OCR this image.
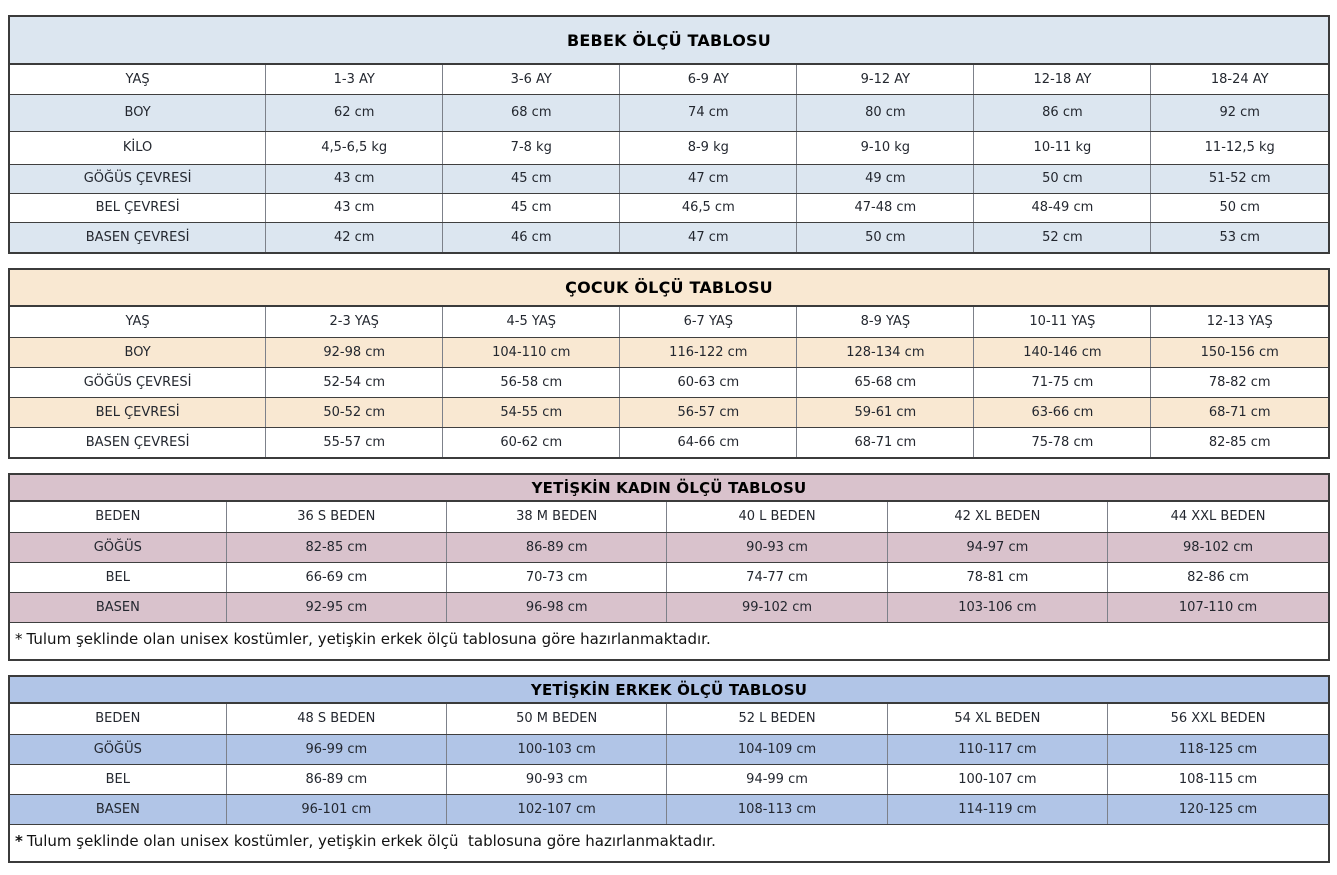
BEBEK ÖLÇÜ TABLOSU
YAŞ	1-3 AY	3-6 AY	6-9 AY	9-12 AY	12-18 AY	18-24 AY
BOY	62 cm	68 cm	74 cm	80 cm	86 cm	92 cm
KİLO	4,5-6,5 kg	7-8 kg	8-9 kg	9-10 kg	10-11 kg	11-12,5 kg
GÖĞÜS ÇEVRESİ	43 cm	45 cm	47 cm	49 cm	50 cm	51-52 cm
BEL ÇEVRESİ	43 cm	45 cm	46,5 cm	47-48 cm	48-49 cm	50 cm
BASEN ÇEVRESİ	42 cm	46 cm	47 cm	50 cm	52 cm	53 cm
ÇOCUK ÖLÇÜ TABLOSU
YAŞ	2-3 YAŞ	4-5 YAŞ	6-7 YAŞ	8-9 YAŞ	10-11 YAŞ	12-13 YAŞ
BOY	92-98 cm	104-110 cm	116-122 cm	128-134 cm	140-146 cm	150-156 cm
GÖĞÜS ÇEVRESİ	52-54 cm	56-58 cm	60-63 cm	65-68 cm	71-75 cm	78-82 cm
BEL ÇEVRESİ	50-52 cm	54-55 cm	56-57 cm	59-61 cm	63-66 cm	68-71 cm
BASEN ÇEVRESİ	55-57 cm	60-62 cm	64-66 cm	68-71 cm	75-78 cm	82-85 cm
YETİŞKİN KADIN ÖLÇÜ TABLOSU
BEDEN	36 S BEDEN	38 M BEDEN	40 L BEDEN	42 XL BEDEN	44 XXL BEDEN
GÖĞÜS	82-85 cm	86-89 cm	90-93 cm	94-97 cm	98-102 cm
BEL	66-69 cm	70-73 cm	74-77 cm	78-81 cm	82-86 cm
BASEN	92-95 cm	96-98 cm	99-102 cm	103-106 cm	107-110 cm
* Tulum şeklinde olan unisex kostümler, yetişkin erkek ölçü tablosuna göre hazırlanmaktadır.
YETİŞKİN ERKEK ÖLÇÜ TABLOSU
BEDEN	48 S BEDEN	50 M BEDEN	52 L BEDEN	54 XL BEDEN	56 XXL BEDEN
GÖĞÜS	96-99 cm	100-103 cm	104-109 cm	110-117 cm	118-125 cm
BEL	86-89 cm	90-93 cm	94-99 cm	100-107 cm	108-115 cm
BASEN	96-101 cm	102-107 cm	108-113 cm	114-119 cm	120-125 cm
* Tulum şeklinde olan unisex kostümler, yetişkin erkek ölçü  tablosuna göre hazırlanmaktadır.
